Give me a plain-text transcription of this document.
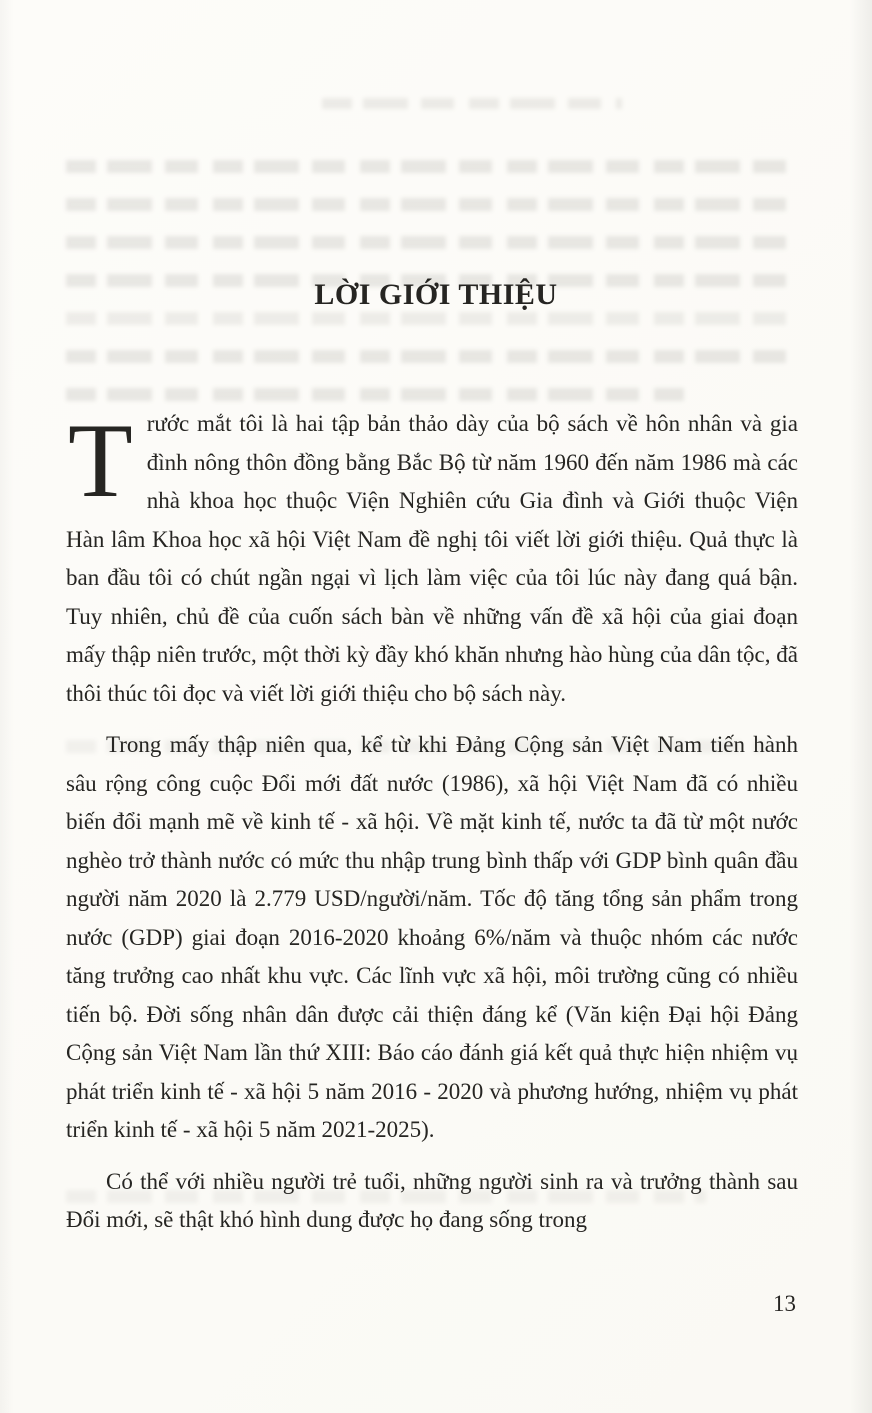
LỜI GIỚI THIỆU

Trước mắt tôi là hai tập bản thảo dày của bộ sách về hôn nhân và gia đình nông thôn đồng bằng Bắc Bộ từ năm 1960 đến năm 1986 mà các nhà khoa học thuộc Viện Nghiên cứu Gia đình và Giới thuộc Viện Hàn lâm Khoa học xã hội Việt Nam đề nghị tôi viết lời giới thiệu. Quả thực là ban đầu tôi có chút ngần ngại vì lịch làm việc của tôi lúc này đang quá bận. Tuy nhiên, chủ đề của cuốn sách bàn về những vấn đề xã hội của giai đoạn mấy thập niên trước, một thời kỳ đầy khó khăn nhưng hào hùng của dân tộc, đã thôi thúc tôi đọc và viết lời giới thiệu cho bộ sách này.

Trong mấy thập niên qua, kể từ khi Đảng Cộng sản Việt Nam tiến hành sâu rộng công cuộc Đổi mới đất nước (1986), xã hội Việt Nam đã có nhiều biến đổi mạnh mẽ về kinh tế - xã hội. Về mặt kinh tế, nước ta đã từ một nước nghèo trở thành nước có mức thu nhập trung bình thấp với GDP bình quân đầu người năm 2020 là 2.779 USD/người/năm. Tốc độ tăng tổng sản phẩm trong nước (GDP) giai đoạn 2016-2020 khoảng 6%/năm và thuộc nhóm các nước tăng trưởng cao nhất khu vực. Các lĩnh vực xã hội, môi trường cũng có nhiều tiến bộ. Đời sống nhân dân được cải thiện đáng kể (Văn kiện Đại hội Đảng Cộng sản Việt Nam lần thứ XIII: Báo cáo đánh giá kết quả thực hiện nhiệm vụ phát triển kinh tế - xã hội 5 năm 2016 - 2020 và phương hướng, nhiệm vụ phát triển kinh tế - xã hội 5 năm 2021-2025).

Có thể với nhiều người trẻ tuổi, những người sinh ra và trưởng thành sau Đổi mới, sẽ thật khó hình dung được họ đang sống trong

13
